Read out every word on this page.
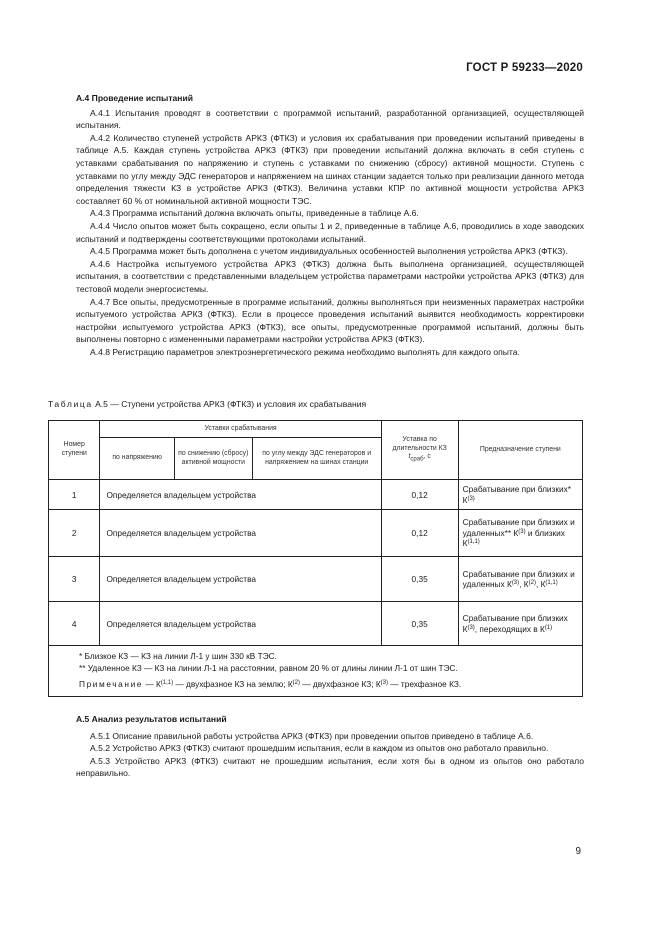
ГОСТ Р 59233—2020

А.4 Проведение испытаний

А.4.1 Испытания проводят в соответствии с программой испытаний, разработанной организацией, осуществляющей испытания.

А.4.2 Количество ступеней устройств АРКЗ (ФТКЗ) и условия их срабатывания при проведении испытаний приведены в таблице А.5. Каждая ступень устройства АРКЗ (ФТКЗ) при проведении испытаний должна включать в себя ступень с уставками срабатывания по напряжению и ступень с уставками по снижению (сбросу) активной мощности. Ступень с уставками по углу между ЭДС генераторов и напряжением на шинах станции задается только при реализации данного метода определения тяжести КЗ в устройстве АРКЗ (ФТКЗ). Величина уставки КПР по активной мощности устройства АРКЗ составляет 60 % от номинальной активной мощности ТЭС.

А.4.3 Программа испытаний должна включать опыты, приведенные в таблице А.6.

А.4.4 Число опытов может быть сокращено, если опыты 1 и 2, приведенные в таблице А.6, проводились в ходе заводских испытаний и подтверждены соответствующими протоколами испытаний.

А.4.5 Программа может быть дополнена с учетом индивидуальных особенностей выполнения устройства АРКЗ (ФТКЗ).

А.4.6 Настройка испытуемого устройства АРКЗ (ФТКЗ) должна быть выполнена организацией, осуществляющей испытания, в соответствии с представленными владельцем устройства параметрами настройки устройства АРКЗ (ФТКЗ) для тестовой модели энергосистемы.

А.4.7 Все опыты, предусмотренные в программе испытаний, должны выполняться при неизменных параметрах настройки испытуемого устройства АРКЗ (ФТКЗ). Если в процессе проведения испытаний выявится необходимость корректировки настройки испытуемого устройства АРКЗ (ФТКЗ), все опыты, предусмотренные программой испытаний, должны быть выполнены повторно с измененными параметрами настройки устройства АРКЗ (ФТКЗ).

А.4.8 Регистрацию параметров электроэнергетического режима необходимо выполнять для каждого опыта.

Таблица А.5 — Ступени устройства АРКЗ (ФТКЗ) и условия их срабатывания
Номер ступени	Уставки срабатывания			Уставка по длительности КЗ $t_{сраб}$, с	Предназначение ступени
	по напряжению	по снижению (сбросу) активной мощности	по углу между ЭДС генераторов и напряжением на шинах станции		
1	Определяется владельцем устройства			0,12	Срабатывание при близких* $К^{(3)}$
2	Определяется владельцем устройства			0,12	Срабатывание при близких и удаленных** $К^{(3)}$ и близких К$^{(1,1)}$
3	Определяется владельцем устройства			0,35	Срабатывание при близких и удаленных $К^{(3)}$, $К^{(2)}$, К$^{(1,1)}$
4	Определяется владельцем устройства			0,35	Срабатывание при близких $К^{(3)}$, переходящих в $К^{(1)}$

* Близкое КЗ — КЗ на линии Л-1 у шин 330 кВ ТЭС.
** Удаленное КЗ — КЗ на линии Л-1 на расстоянии, равном 20 % от длины линии Л-1 от шин ТЭС.
Примечание — К$^{(1,1)}$ — двухфазное КЗ на землю; $К^{(2)}$ — двухфазное КЗ; $К^{(3)}$ — трехфазное КЗ.					

А.5 Анализ результатов испытаний

А.5.1 Описание правильной работы устройства АРКЗ (ФТКЗ) при проведении опытов приведено в таблице А.6.

А.5.2 Устройство АРКЗ (ФТКЗ) считают прошедшим испытания, если в каждом из опытов оно работало правильно.

А.5.3 Устройство АРКЗ (ФТКЗ) считают не прошедшим испытания, если хотя бы в одном из опытов оно работало неправильно.

9
